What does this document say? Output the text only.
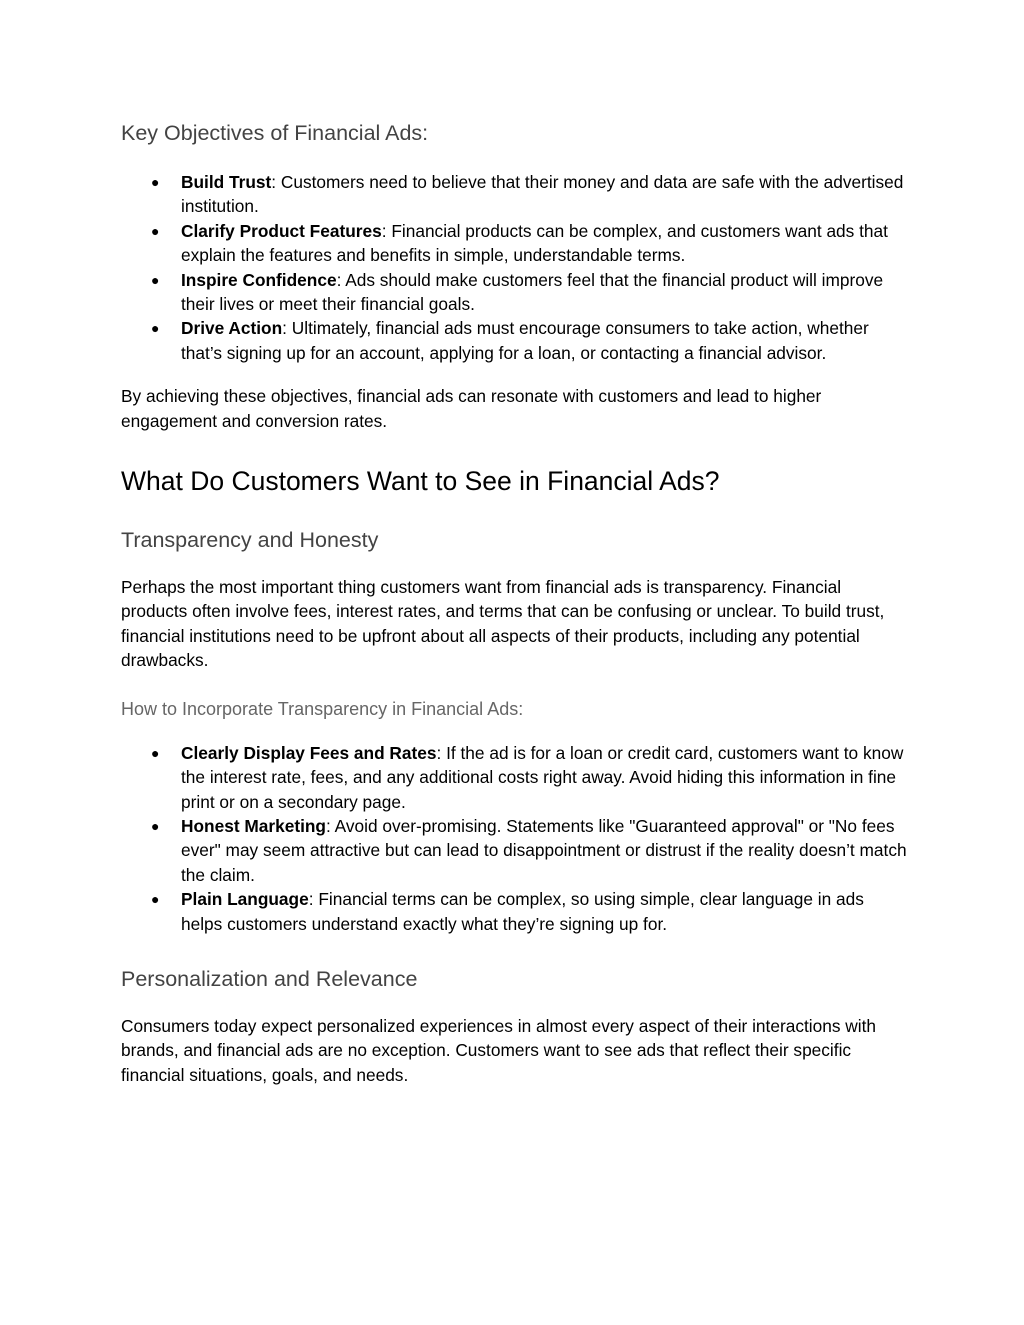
Key Objectives of Financial Ads:
● Build Trust: Customers need to believe that their money and data are safe with the advertised institution.
● Clarify Product Features: Financial products can be complex, and customers want ads that explain the features and benefits in simple, understandable terms.
● Inspire Confidence: Ads should make customers feel that the financial product will improve their lives or meet their financial goals.
● Drive Action: Ultimately, financial ads must encourage consumers to take action, whether that’s signing up for an account, applying for a loan, or contacting a financial advisor.

By achieving these objectives, financial ads can resonate with customers and lead to higher engagement and conversion rates.

What Do Customers Want to See in Financial Ads?
Transparency and Honesty

Perhaps the most important thing customers want from financial ads is transparency. Financial products often involve fees, interest rates, and terms that can be confusing or unclear. To build trust, financial institutions need to be upfront about all aspects of their products, including any potential drawbacks.

How to Incorporate Transparency in Financial Ads:
● Clearly Display Fees and Rates: If the ad is for a loan or credit card, customers want to know the interest rate, fees, and any additional costs right away. Avoid hiding this information in fine print or on a secondary page.
● Honest Marketing: Avoid over-promising. Statements like "Guaranteed approval" or "No fees ever" may seem attractive but can lead to disappointment or distrust if the reality doesn’t match the claim.
● Plain Language: Financial terms can be complex, so using simple, clear language in ads helps customers understand exactly what they’re signing up for.
Personalization and Relevance

Consumers today expect personalized experiences in almost every aspect of their interactions with brands, and financial ads are no exception. Customers want to see ads that reflect their specific financial situations, goals, and needs.
